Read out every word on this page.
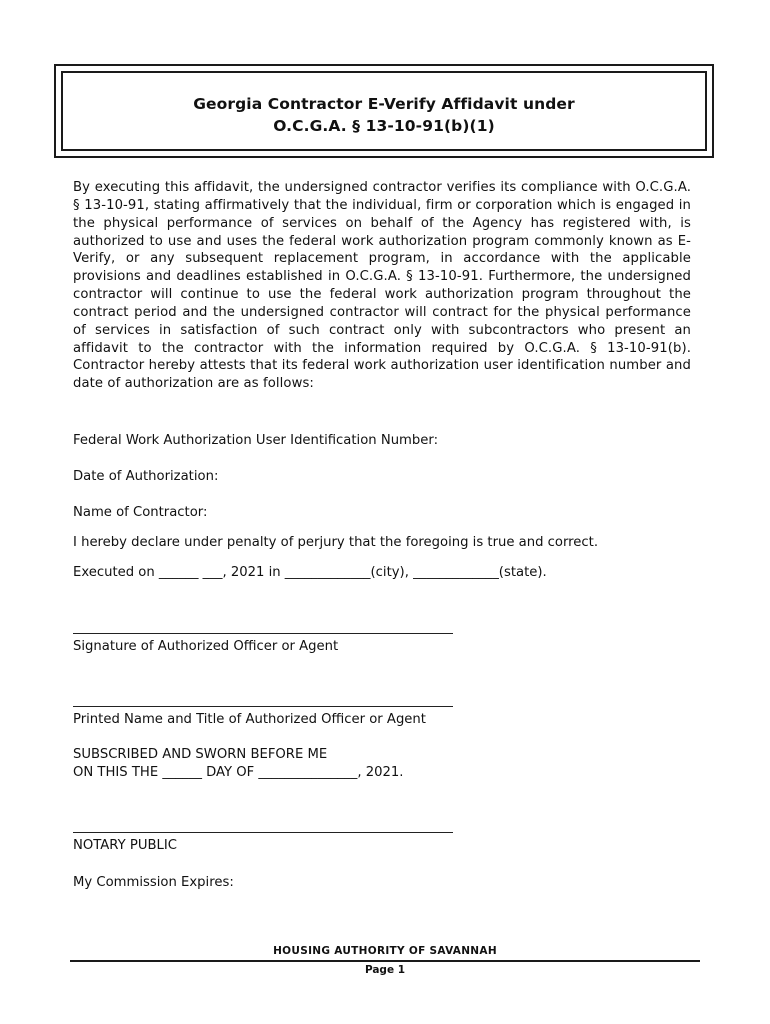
Georgia Contractor E-Verify Affidavit under
O.C.G.A. § 13-10-91(b)(1)
By executing this affidavit, the undersigned contractor verifies its compliance with O.C.G.A. § 13-10-91, stating affirmatively that the individual, firm or corporation which is engaged in the physical performance of services on behalf of the Agency has registered with, is authorized to use and uses the federal work authorization program commonly known as E-Verify, or any subsequent replacement program, in accordance with the applicable provisions and deadlines established in O.C.G.A. § 13-10-91. Furthermore, the undersigned contractor will continue to use the federal work authorization program throughout the contract period and the undersigned contractor will contract for the physical performance of services in satisfaction of such contract only with subcontractors who present an affidavit to the contractor with the information required by O.C.G.A. § 13-10-91(b). Contractor hereby attests that its federal work authorization user identification number and date of authorization are as follows:
Federal Work Authorization User Identification Number:
Date of Authorization:
Name of Contractor:
I hereby declare under penalty of perjury that the foregoing is true and correct.
Executed on ______ ___, 2021 in _____________(city), _____________(state).
Signature of Authorized Officer or Agent
Printed Name and Title of Authorized Officer or Agent
SUBSCRIBED AND SWORN BEFORE ME
ON THIS THE ______ DAY OF _______________, 2021.
NOTARY PUBLIC
My Commission Expires:
HOUSING AUTHORITY OF SAVANNAH
Page 1
